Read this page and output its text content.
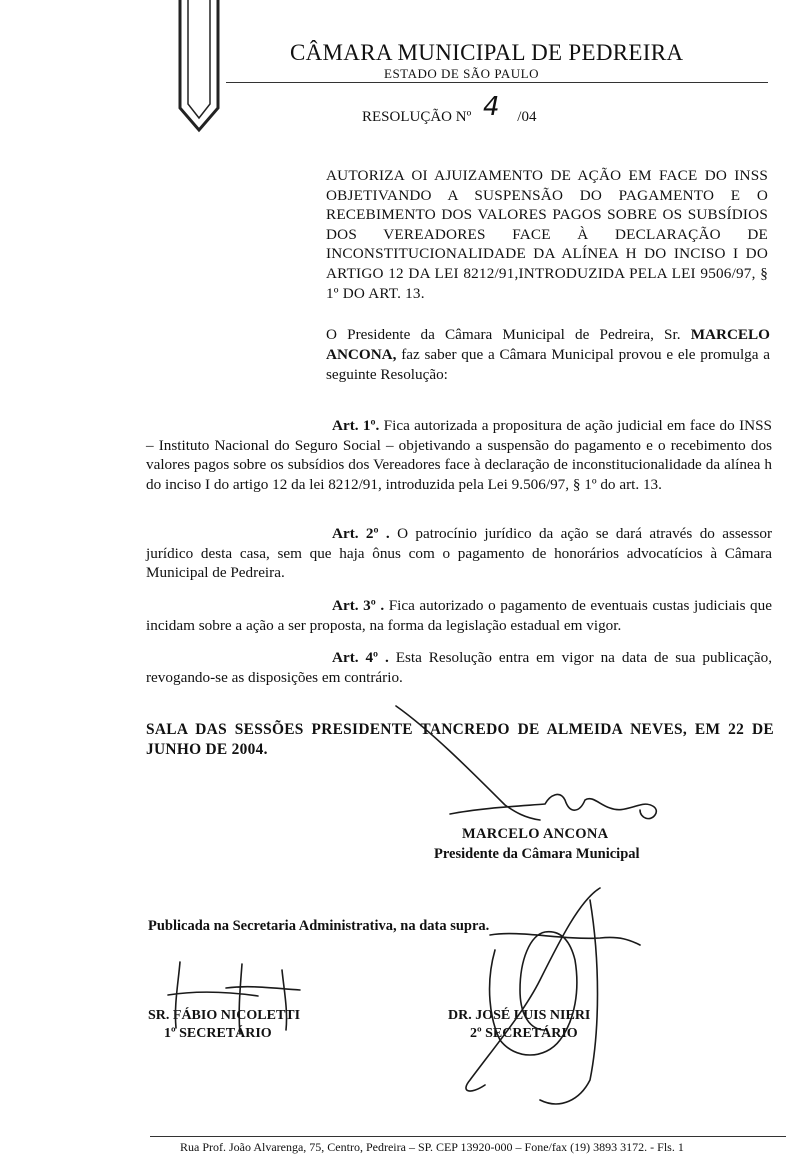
CÂMARA MUNICIPAL DE PEDREIRA
ESTADO DE SÃO PAULO
RESOLUÇÃO Nº 4 /04
AUTORIZA OI AJUIZAMENTO DE AÇÃO EM FACE DO INSS OBJETIVANDO A SUSPENSÃO DO PAGAMENTO E O RECEBIMENTO DOS VALORES PAGOS SOBRE OS SUBSÍDIOS DOS VEREADORES FACE À DECLARAÇÃO DE INCONSTITUCIONALIDADE DA ALÍNEA H DO INCISO I DO ARTIGO 12 DA LEI 8212/91,INTRODUZIDA PELA LEI 9506/97, § 1º DO ART. 13.
O Presidente da Câmara Municipal de Pedreira, Sr. MARCELO ANCONA, faz saber que a Câmara Municipal provou e ele promulga a seguinte Resolução:
Art. 1º. Fica autorizada a propositura de ação judicial em face do INSS – Instituto Nacional do Seguro Social – objetivando a suspensão do pagamento e o recebimento dos valores pagos sobre os subsídios dos Vereadores face à declaração de inconstitucionalidade da alínea h do inciso I do artigo 12 da lei 8212/91, introduzida pela Lei 9.506/97, § 1º do art. 13.
Art. 2º . O patrocínio jurídico da ação se dará através do assessor jurídico desta casa, sem que haja ônus com o pagamento de honorários advocatícios à Câmara Municipal de Pedreira.
Art. 3º . Fica autorizado o pagamento de eventuais custas judiciais que incidam sobre a ação a ser proposta, na forma da legislação estadual em vigor.
Art. 4º . Esta Resolução entra em vigor na data de sua publicação, revogando-se as disposições em contrário.
SALA DAS SESSÕES PRESIDENTE TANCREDO DE ALMEIDA NEVES, EM 22 DE JUNHO DE 2004.
MARCELO ANCONA
Presidente da Câmara Municipal
Publicada na Secretaria Administrativa, na data supra.
SR. FÁBIO NICOLETTI
1º SECRETÁRIO
DR. JOSÉ LUIS NIERI
2º SECRETÁRIO
Rua Prof. João Alvarenga, 75, Centro, Pedreira – SP. CEP 13920-000 – Fone/fax (19) 3893 3172. - Fls. 1
